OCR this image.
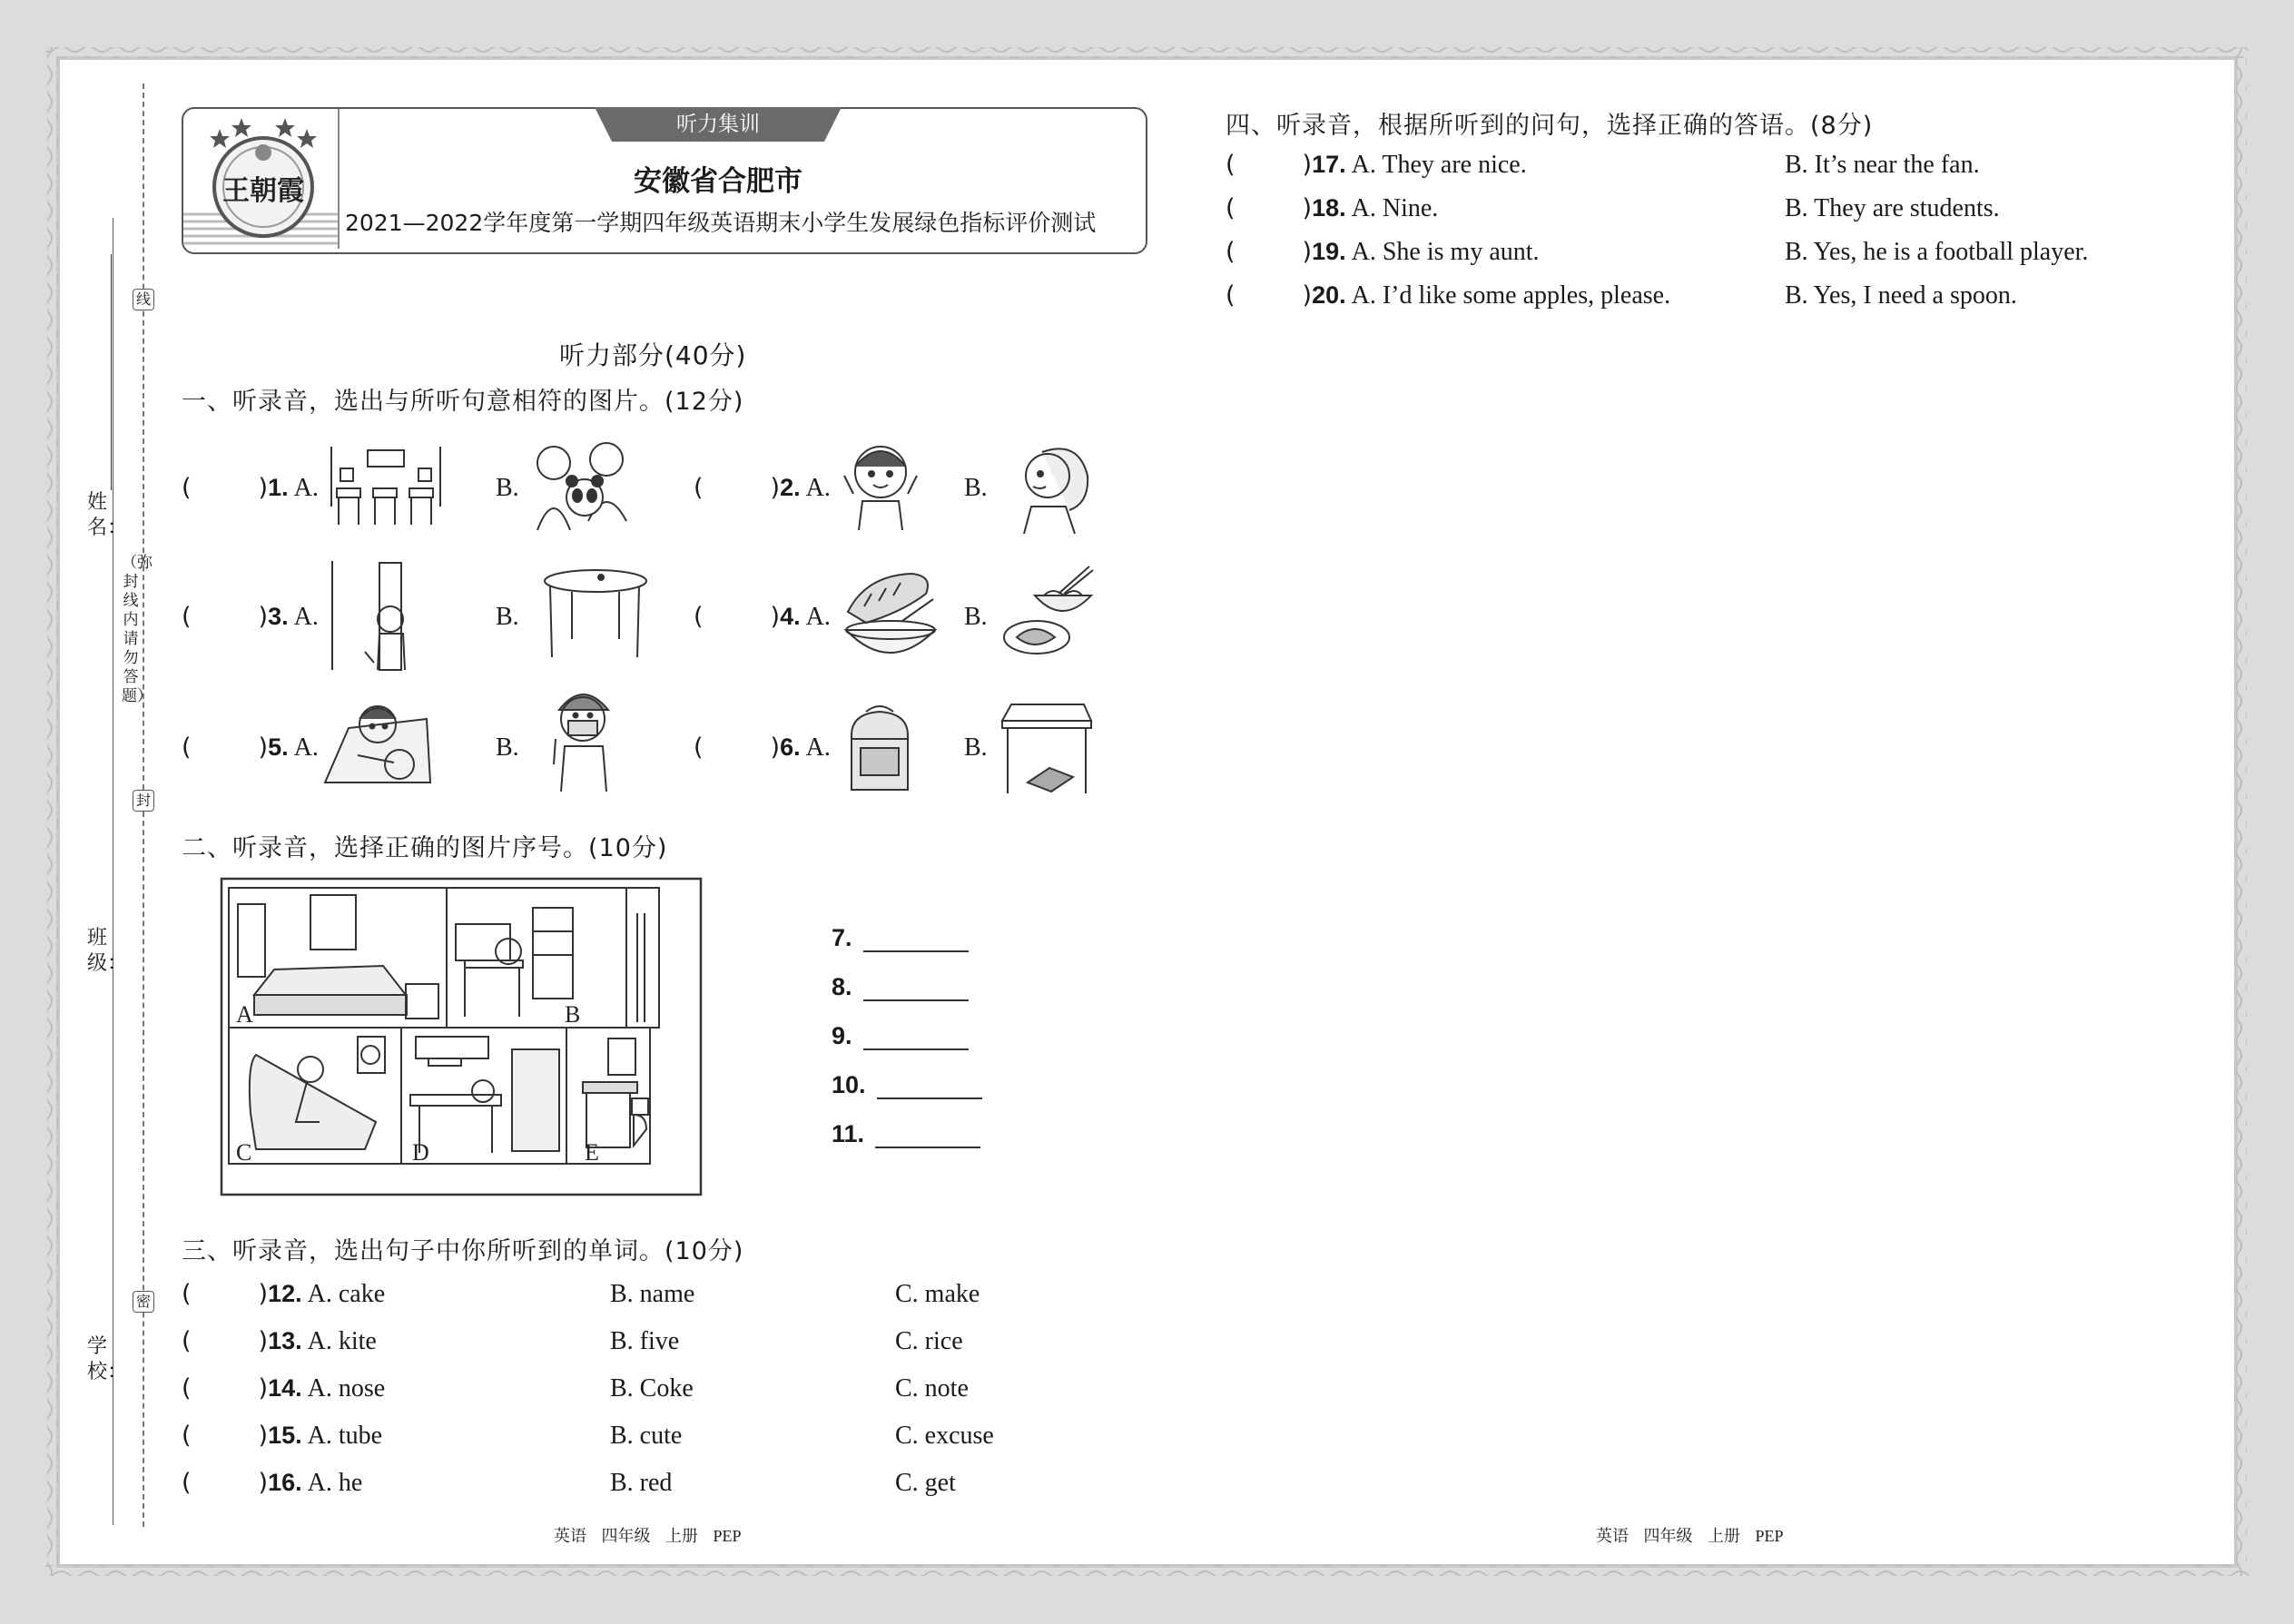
线
封
密
（弥封线内请勿答题）
姓名：
班级：
学校：
王朝霞
听力集训
安徽省合肥市
2021—2022学年度第一学期四年级英语期末小学生发展绿色指标评价测试
听力部分(40分)
一、听录音，选出与所听句意相符的图片。(12分)
(	)1. A.	B.	(	)2. A.	B.
(	)3. A.	B.	(	)4. A.	B.
(	)5. A.	B.	(	)6. A.	B.
二、听录音，选择正确的图片序号。(10分)
A	B
C	D	E
7.
8.
9.
10.
11.
三、听录音，选出句子中你所听到的单词。(10分)
(	)12. A. cake	B. name	C. make
(	)13. A. kite	B. five	C. rice
(	)14. A. nose	B. Coke	C. note
(	)15. A. tube	B. cute	C. excuse
(	)16. A. he	B. red	C. get
四、听录音，根据所听到的问句，选择正确的答语。(8分)
(	)17. A. They are nice.	B. It’s near the fan.
(	)18. A. Nine.	B. They are students.
(	)19. A. She is my aunt.	B. Yes, he is a football player.
(	)20. A. I’d like some apples, please.	B. Yes, I need a spoon.
英语 四年级 上册 PEP	英语 四年级 上册 PEP
